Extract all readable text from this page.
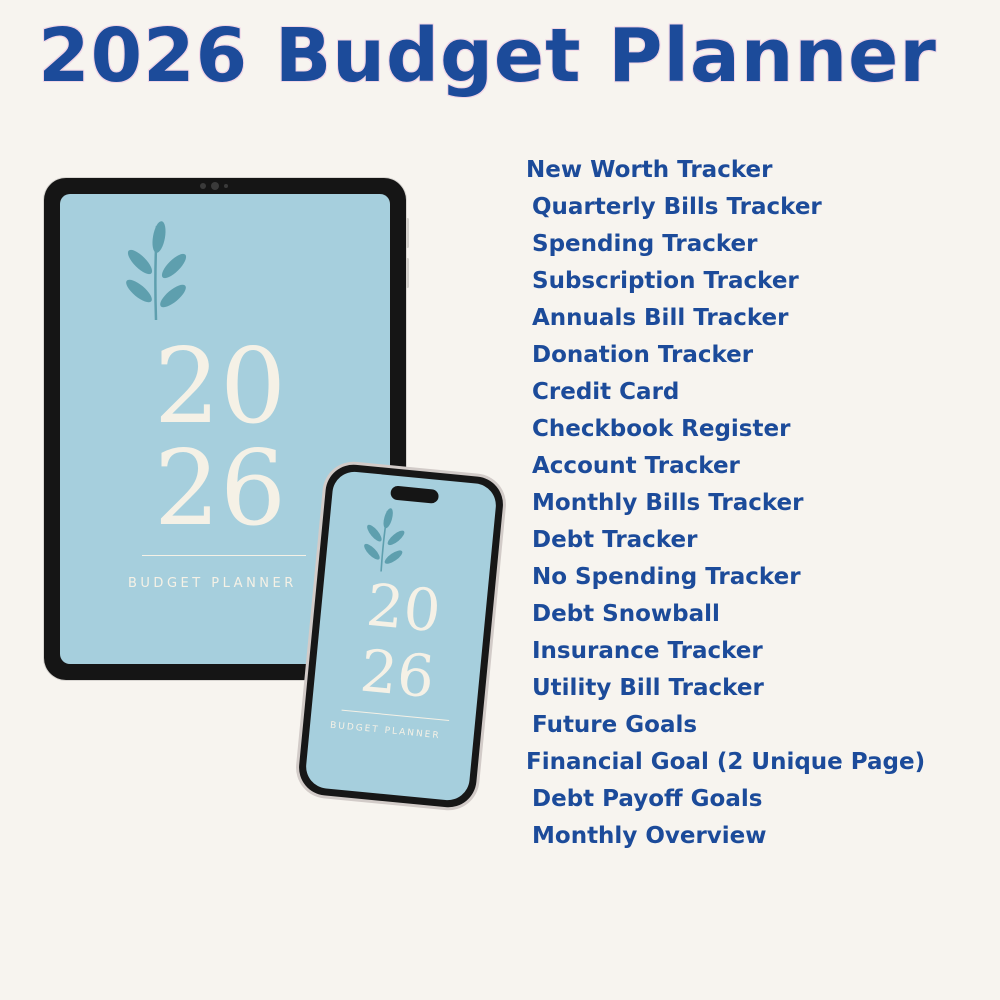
2026 Budget Planner
20
26
BUDGET PLANNER	20
26
BUDGET PLANNER
New Worth Tracker
Quarterly Bills Tracker
Spending Tracker
Subscription Tracker
Annuals Bill Tracker
Donation Tracker
Credit Card
Checkbook Register
Account Tracker
Monthly Bills Tracker
Debt Tracker
No Spending Tracker
Debt Snowball
Insurance Tracker
Utility Bill Tracker
Future Goals
Financial Goal (2 Unique Page)
Debt Payoff Goals
Monthly Overview
